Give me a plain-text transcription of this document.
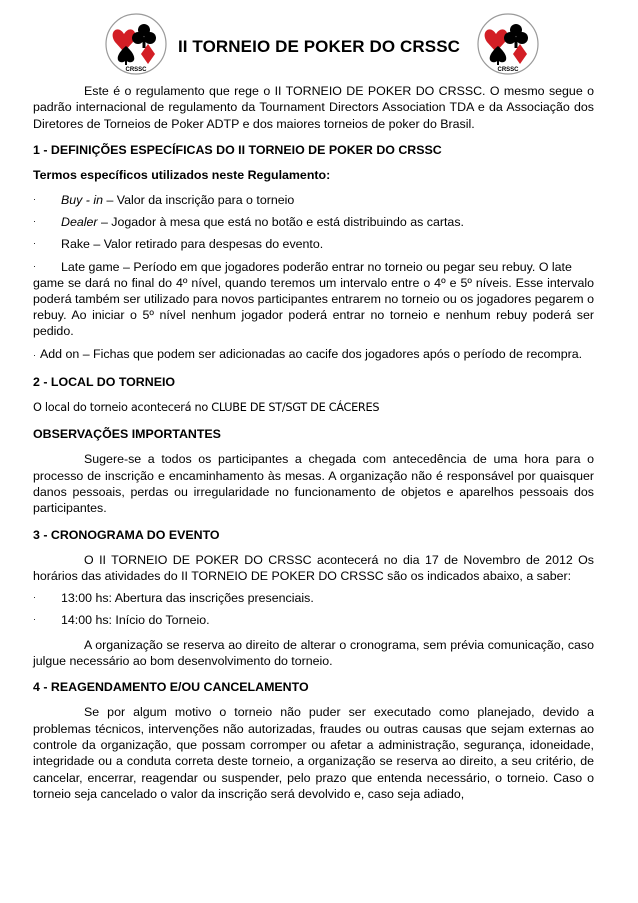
CRSSC
II TORNEIO DE POKER DO CRSSC
CRSSC

Este é o regulamento que rege o II TORNEIO DE POKER DO CRSSC. O mesmo segue o padrão internacional de regulamento da Tournament Directors Association TDA e da Associação dos Diretores de Torneios de Poker ADTP e dos maiores torneios de poker do Brasil.

1 - DEFINIÇÕES ESPECÍFICAS DO II TORNEIO DE POKER DO CRSSC
Termos específicos utilizados neste Regulamento:
·	Buy - in – Valor da inscrição para o torneio
·	Dealer – Jogador à mesa que está no botão e está distribuindo as cartas.
·	Rake – Valor retirado para despesas do evento.
·	Late game – Período em que jogadores poderão entrar no torneio ou pegar seu rebuy. O late

game se dará no final do 4º nível, quando teremos um intervalo entre o 4º e 5º níveis. Esse intervalo poderá também ser utilizado para novos participantes entrarem no torneio ou os jogadores pegarem o rebuy. Ao iniciar o 5º nível nenhum jogador poderá entrar no torneio e nenhum rebuy poderá ser pedido.

· Add on – Fichas que podem ser adicionadas ao cacife dos jogadores após o período de recompra.

2 - LOCAL DO TORNEIO

O local do torneio acontecerá no CLUBE DE ST/SGT DE CÁCERES

OBSERVAÇÕES IMPORTANTES

Sugere-se a todos os participantes a chegada com antecedência de uma hora para o processo de inscrição e encaminhamento às mesas. A organização não é responsável por quaisquer danos pessoais, perdas ou irregularidade no funcionamento de objetos e aparelhos pessoais dos participantes.

3 - CRONOGRAMA DO EVENTO

O II TORNEIO DE POKER DO CRSSC acontecerá no dia 17 de Novembro de 2012 Os horários das atividades do II TORNEIO DE POKER DO CRSSC são os indicados abaixo, a saber:

·	13:00 hs: Abertura das inscrições presenciais.
·	14:00 hs: Início do Torneio.

A organização se reserva ao direito de alterar o cronograma, sem prévia comunicação, caso julgue necessário ao bom desenvolvimento do torneio.

4 - REAGENDAMENTO E/OU CANCELAMENTO

Se por algum motivo o torneio não puder ser executado como planejado, devido a problemas técnicos, intervenções não autorizadas, fraudes ou outras causas que sejam externas ao controle da organização, que possam corromper ou afetar a administração, segurança, idoneidade, integridade ou a conduta correta deste torneio, a organização se reserva ao direito, a seu critério, de cancelar, encerrar, reagendar ou suspender, pelo prazo que entenda necessário, o torneio. Caso o torneio seja cancelado o valor da inscrição será devolvido e, caso seja adiado,
